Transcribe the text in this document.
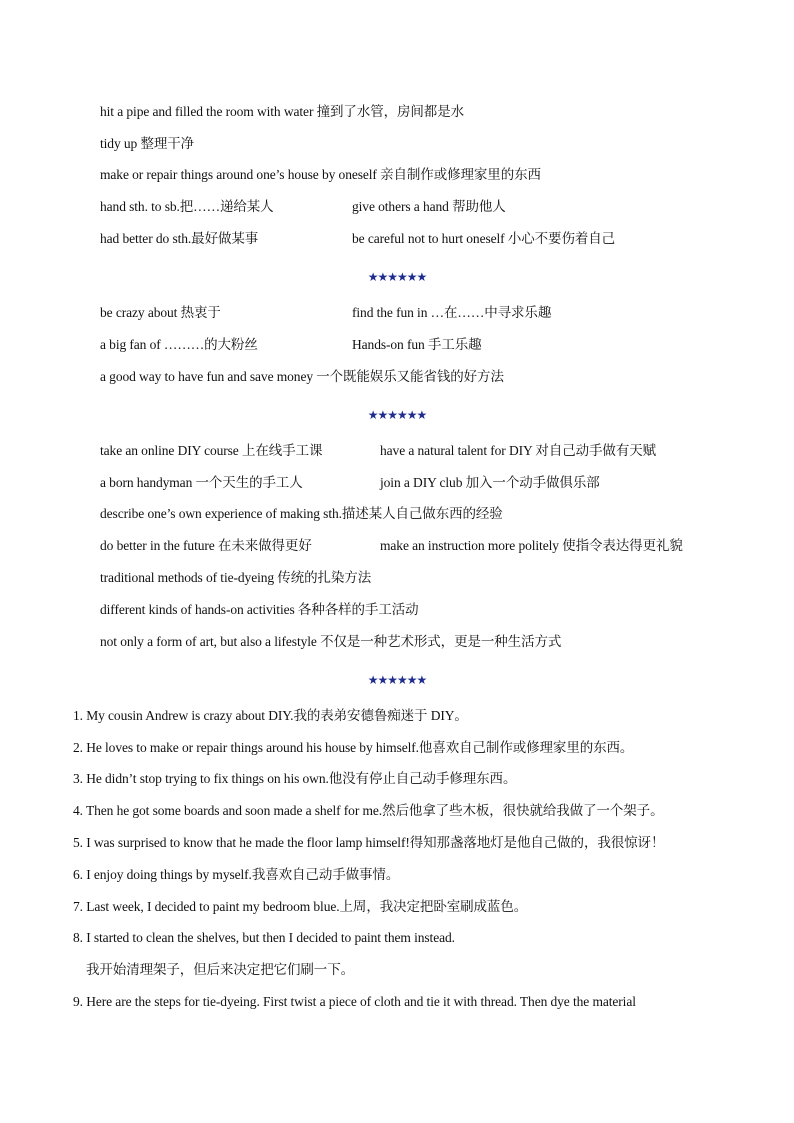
hit a pipe and filled the room with water 撞到了水管，房间都是水
tidy up 整理干净
make or repair things around one’s house by oneself 亲自制作或修理家里的东西
hand sth. to sb.把……递给某人	give others a hand 帮助他人
had better do sth.最好做某事	be careful not to hurt oneself 小心不要伤着自己
★★★★★★
be crazy about 热衷于	find the fun in …在……中寻求乐趣
a big fan of ………的大粉丝	Hands-on fun 手工乐趣
a good way to have fun and save money 一个既能娱乐又能省钱的好方法
★★★★★★
take an online DIY course 上在线手工课	have a natural talent for DIY 对自己动手做有天赋
a born handyman 一个天生的手工人	join a DIY club 加入一个动手做俱乐部
describe one’s own experience of making sth.描述某人自己做东西的经验
do better in the future 在未来做得更好	make an instruction more politely 使指令表达得更礼貌
traditional methods of tie-dyeing 传统的扎染方法
different kinds of hands-on activities 各种各样的手工活动
not only a form of art, but also a lifestyle 不仅是一种艺术形式，更是一种生活方式
★★★★★★
1. My cousin Andrew is crazy about DIY.我的表弟安德鲁痴迷于 DIY。
2. He loves to make or repair things around his house by himself.他喜欢自己制作或修理家里的东西。
3. He didn’t stop trying to fix things on his own.他没有停止自己动手修理东西。
4. Then he got some boards and soon made a shelf for me.然后他拿了些木板，很快就给我做了一个架子。
5. I was surprised to know that he made the floor lamp himself!得知那盏落地灯是他自己做的，我很惊讶！
6. I enjoy doing things by myself.我喜欢自己动手做事情。
7. Last week, I decided to paint my bedroom blue.上周，我决定把卧室刷成蓝色。
8. I started to clean the shelves, but then I decided to paint them instead.
我开始清理架子，但后来决定把它们刷一下。
9. Here are the steps for tie-dyeing. First twist a piece of cloth and tie it with thread. Then dye the material
